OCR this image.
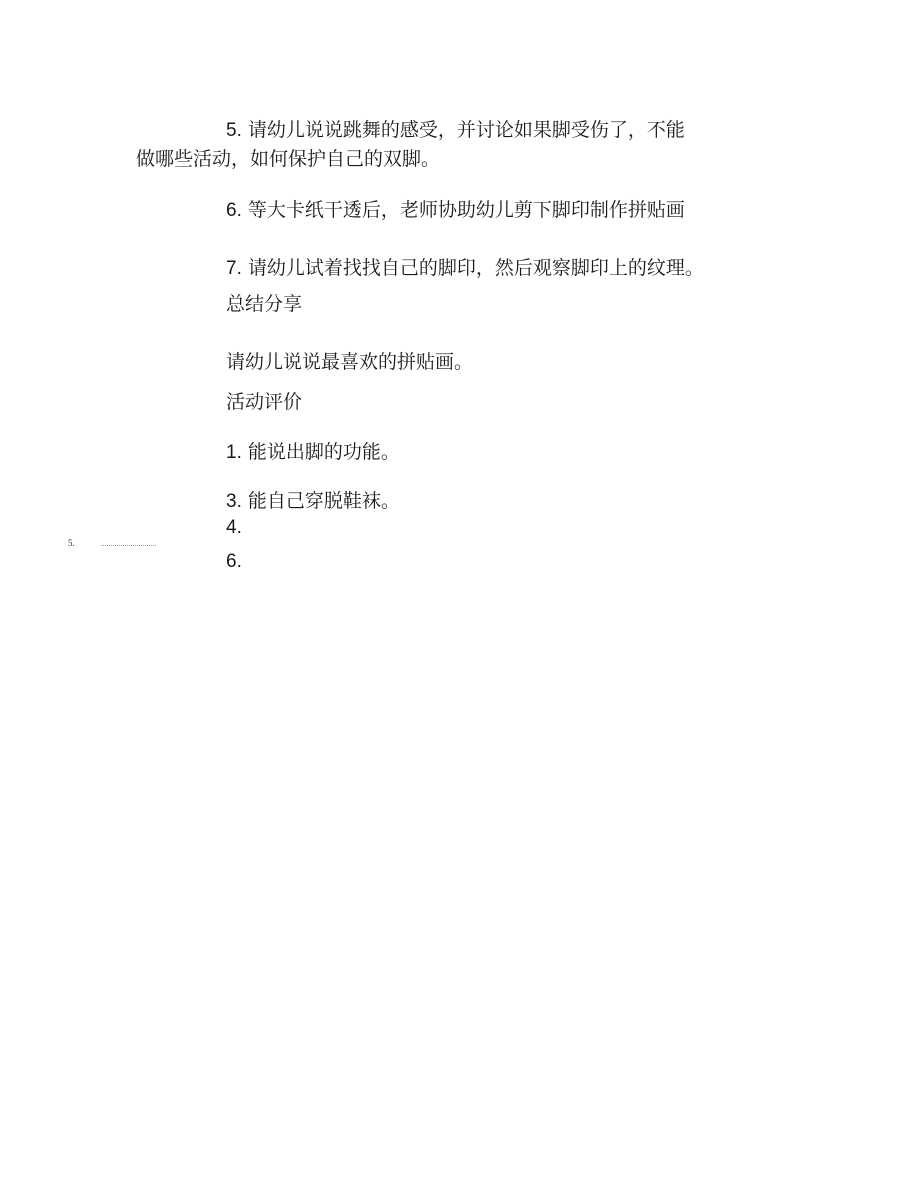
5. 请幼儿说说跳舞的感受，并讨论如果脚受伤了，不能
做哪些活动，如何保护自己的双脚。
6. 等大卡纸干透后，老师协助幼儿剪下脚印制作拼贴画
7. 请幼儿试着找找自己的脚印，然后观察脚印上的纹理。
总结分享
请幼儿说说最喜欢的拼贴画。
活动评价
1. 能说出脚的功能。
3. 能自己穿脱鞋袜。
4.
6.
5.
